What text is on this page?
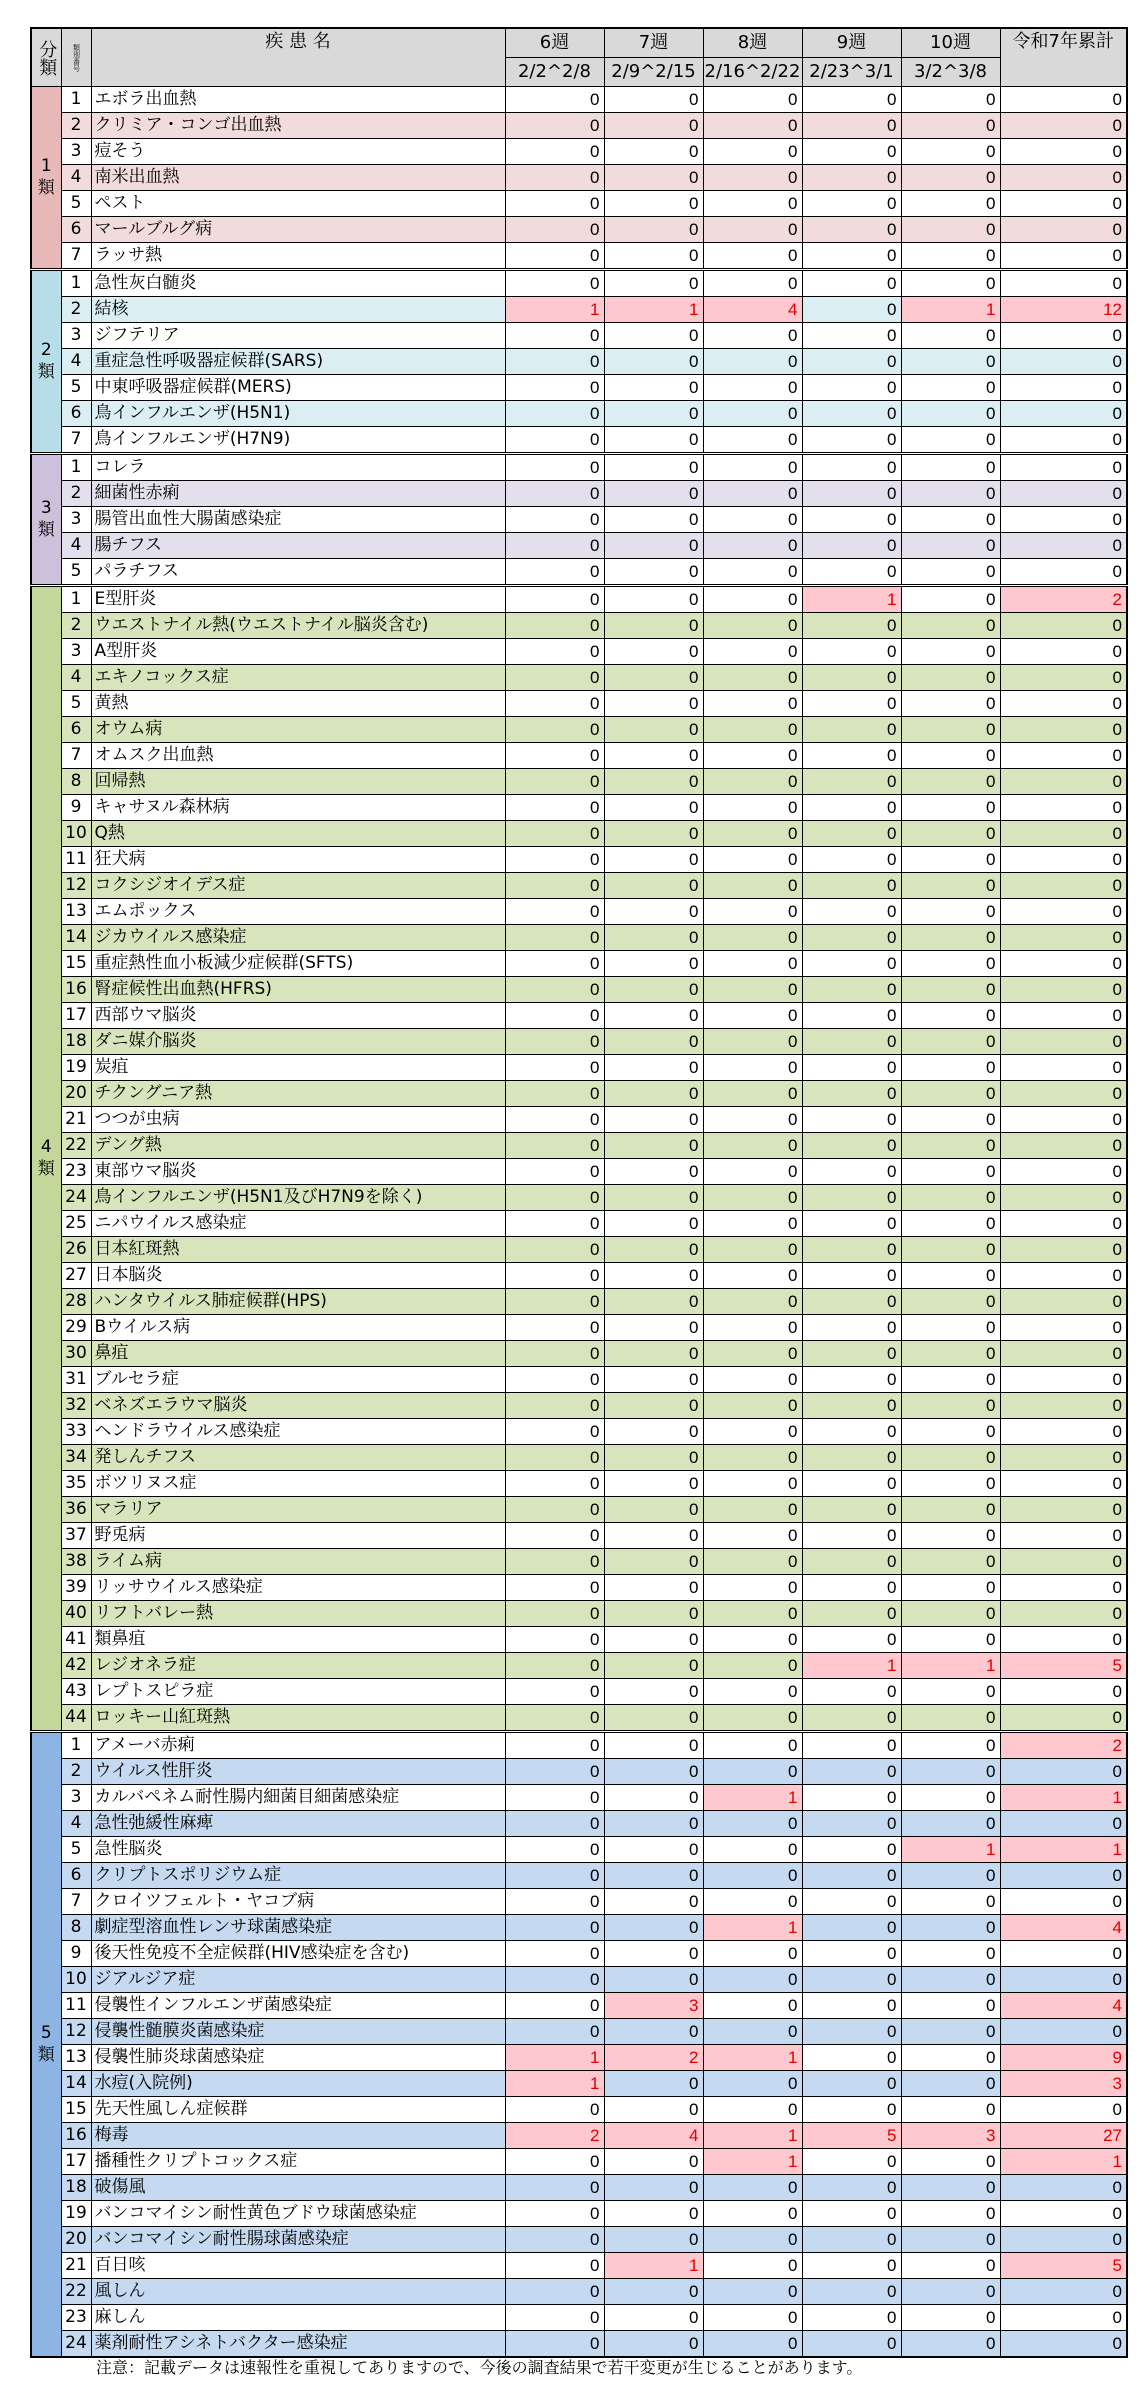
分類	類別番号	疾 患 名	6週	7週	8週	9週	10週	令和7年累計
			2/2^2/8	2/9^2/15	2/16^2/22	2/23^3/1	3/2^3/8	

1
類	1	エボラ出血熱	0	0	0	0	0	0
	2	クリミア・コンゴ出血熱	0	0	0	0	0	0
	3	痘そう	0	0	0	0	0	0
	4	南米出血熱	0	0	0	0	0	0
	5	ペスト	0	0	0	0	0	0
	6	マールブルグ病	0	0	0	0	0	0
	7	ラッサ熱	0	0	0	0	0	0

2
類	1	急性灰白髄炎	0	0	0	0	0	0
	2	結核	1	1	4	0	1	12
	3	ジフテリア	0	0	0	0	0	0
	4	重症急性呼吸器症候群(SARS)	0	0	0	0	0	0
	5	中東呼吸器症候群(MERS)	0	0	0	0	0	0
	6	鳥インフルエンザ(H5N1)	0	0	0	0	0	0
	7	鳥インフルエンザ(H7N9)	0	0	0	0	0	0

3
類	1	コレラ	0	0	0	0	0	0
	2	細菌性赤痢	0	0	0	0	0	0
	3	腸管出血性大腸菌感染症	0	0	0	0	0	0
	4	腸チフス	0	0	0	0	0	0
	5	パラチフス	0	0	0	0	0	0

4
類	1	E型肝炎	0	0	0	1	0	2
	2	ウエストナイル熱(ウエストナイル脳炎含む)	0	0	0	0	0	0
	3	A型肝炎	0	0	0	0	0	0
	4	エキノコックス症	0	0	0	0	0	0
	5	黄熱	0	0	0	0	0	0
	6	オウム病	0	0	0	0	0	0
	7	オムスク出血熱	0	0	0	0	0	0
	8	回帰熱	0	0	0	0	0	0
	9	キャサヌル森林病	0	0	0	0	0	0
	10	Q熱	0	0	0	0	0	0
	11	狂犬病	0	0	0	0	0	0
	12	コクシジオイデス症	0	0	0	0	0	0
	13	エムポックス	0	0	0	0	0	0
	14	ジカウイルス感染症	0	0	0	0	0	0
	15	重症熱性血小板減少症候群(SFTS)	0	0	0	0	0	0
	16	腎症候性出血熱(HFRS)	0	0	0	0	0	0
	17	西部ウマ脳炎	0	0	0	0	0	0
	18	ダニ媒介脳炎	0	0	0	0	0	0
	19	炭疽	0	0	0	0	0	0
	20	チクングニア熱	0	0	0	0	0	0
	21	つつが虫病	0	0	0	0	0	0
	22	デング熱	0	0	0	0	0	0
	23	東部ウマ脳炎	0	0	0	0	0	0
	24	鳥インフルエンザ(H5N1及びH7N9を除く)	0	0	0	0	0	0
	25	ニパウイルス感染症	0	0	0	0	0	0
	26	日本紅斑熱	0	0	0	0	0	0
	27	日本脳炎	0	0	0	0	0	0
	28	ハンタウイルス肺症候群(HPS)	0	0	0	0	0	0
	29	Bウイルス病	0	0	0	0	0	0
	30	鼻疽	0	0	0	0	0	0
	31	ブルセラ症	0	0	0	0	0	0
	32	ベネズエラウマ脳炎	0	0	0	0	0	0
	33	ヘンドラウイルス感染症	0	0	0	0	0	0
	34	発しんチフス	0	0	0	0	0	0
	35	ボツリヌス症	0	0	0	0	0	0
	36	マラリア	0	0	0	0	0	0
	37	野兎病	0	0	0	0	0	0
	38	ライム病	0	0	0	0	0	0
	39	リッサウイルス感染症	0	0	0	0	0	0
	40	リフトバレー熱	0	0	0	0	0	0
	41	類鼻疽	0	0	0	0	0	0
	42	レジオネラ症	0	0	0	1	1	5
	43	レプトスピラ症	0	0	0	0	0	0
	44	ロッキー山紅斑熱	0	0	0	0	0	0

5
類	1	アメーバ赤痢	0	0	0	0	0	2
	2	ウイルス性肝炎	0	0	0	0	0	0
	3	カルバペネム耐性腸内細菌目細菌感染症	0	0	1	0	0	1
	4	急性弛緩性麻痺	0	0	0	0	0	0
	5	急性脳炎	0	0	0	0	1	1
	6	クリプトスポリジウム症	0	0	0	0	0	0
	7	クロイツフェルト・ヤコブ病	0	0	0	0	0	0
	8	劇症型溶血性レンサ球菌感染症	0	0	1	0	0	4
	9	後天性免疫不全症候群(HIV感染症を含む)	0	0	0	0	0	0
	10	ジアルジア症	0	0	0	0	0	0
	11	侵襲性インフルエンザ菌感染症	0	3	0	0	0	4
	12	侵襲性髄膜炎菌感染症	0	0	0	0	0	0
	13	侵襲性肺炎球菌感染症	1	2	1	0	0	9
	14	水痘(入院例)	1	0	0	0	0	3
	15	先天性風しん症候群	0	0	0	0	0	0
	16	梅毒	2	4	1	5	3	27
	17	播種性クリプトコックス症	0	0	1	0	0	1
	18	破傷風	0	0	0	0	0	0
	19	バンコマイシン耐性黄色ブドウ球菌感染症	0	0	0	0	0	0
	20	バンコマイシン耐性腸球菌感染症	0	0	0	0	0	0
	21	百日咳	0	1	0	0	0	5
	22	風しん	0	0	0	0	0	0
	23	麻しん	0	0	0	0	0	0
	24	薬剤耐性アシネトバクター感染症	0	0	0	0	0	0
注意：記載データは速報性を重視してありますので、今後の調査結果で若干変更が生じることがあります。
